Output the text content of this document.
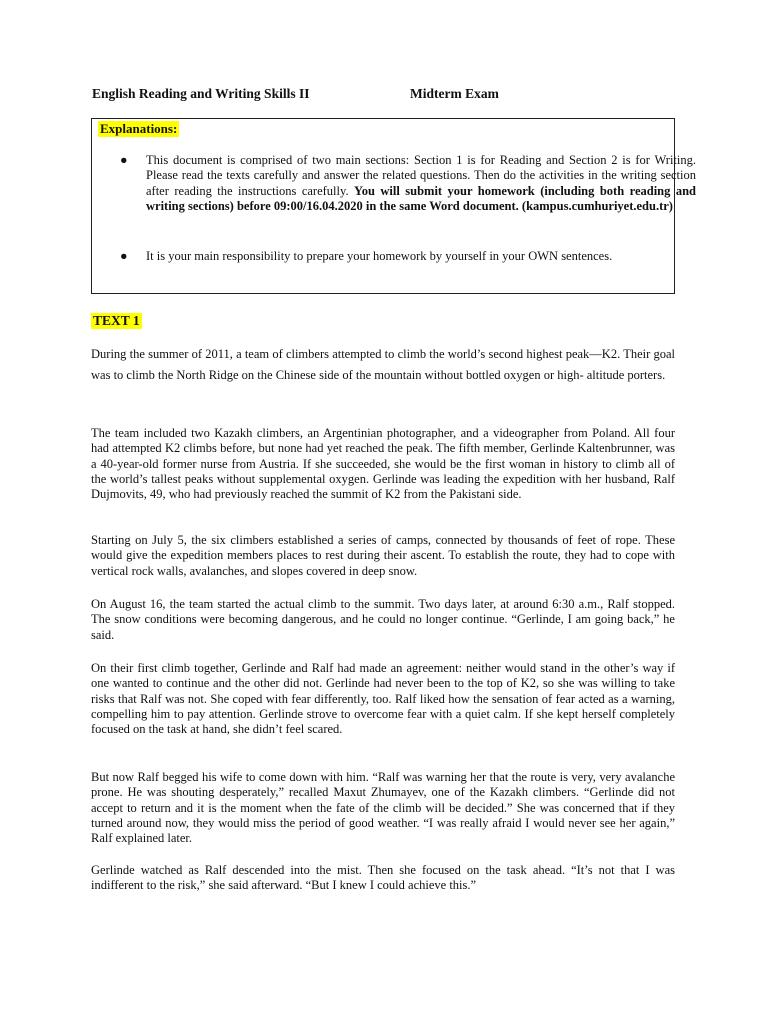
English Reading and Writing Skills II	Midterm Exam
Explanations:
● This document is comprised of two main sections: Section 1 is for Reading and Section 2 is for Writing. Please read the texts carefully and answer the related questions. Then do the activities in the writing section after reading the instructions carefully. You will submit your homework (including both reading and writing sections) before 09:00/16.04.2020 in the same Word document. (kampus.cumhuriyet.edu.tr)
● It is your main responsibility to prepare your homework by yourself in your OWN sentences.
TEXT 1
During the summer of 2011, a team of climbers attempted to climb the world’s second highest peak—K2. Their goal was to climb the North Ridge on the Chinese side of the mountain without bottled oxygen or high- altitude porters.
The team included two Kazakh climbers, an Argentinian photographer, and a videographer from Poland. All four had attempted K2 climbs before, but none had yet reached the peak. The fifth member, Gerlinde Kaltenbrunner, was a 40-year-old former nurse from Austria. If she succeeded, she would be the first woman in history to climb all of the world’s tallest peaks without supplemental oxygen. Gerlinde was leading the expedition with her husband, Ralf Dujmovits, 49, who had previously reached the summit of K2 from the Pakistani side.
Starting on July 5, the six climbers established a series of camps, connected by thousands of feet of rope. These would give the expedition members places to rest during their ascent. To establish the route, they had to cope with vertical rock walls, avalanches, and slopes covered in deep snow.
On August 16, the team started the actual climb to the summit. Two days later, at around 6:30 a.m., Ralf stopped. The snow conditions were becoming dangerous, and he could no longer continue. “Gerlinde, I am going back,” he said.
On their first climb together, Gerlinde and Ralf had made an agreement: neither would stand in the other’s way if one wanted to continue and the other did not. Gerlinde had never been to the top of K2, so she was willing to take risks that Ralf was not. She coped with fear differently, too. Ralf liked how the sensation of fear acted as a warning, compelling him to pay attention. Gerlinde strove to overcome fear with a quiet calm. If she kept herself completely focused on the task at hand, she didn’t feel scared.
But now Ralf begged his wife to come down with him. “Ralf was warning her that the route is very, very avalanche prone. He was shouting desperately,” recalled Maxut Zhumayev, one of the Kazakh climbers. “Gerlinde did not accept to return and it is the moment when the fate of the climb will be decided.” She was concerned that if they turned around now, they would miss the period of good weather. “I was really afraid I would never see her again,” Ralf explained later.
Gerlinde watched as Ralf descended into the mist. Then she focused on the task ahead. “It’s not that I was indifferent to the risk,” she said afterward. “But I knew I could achieve this.”
